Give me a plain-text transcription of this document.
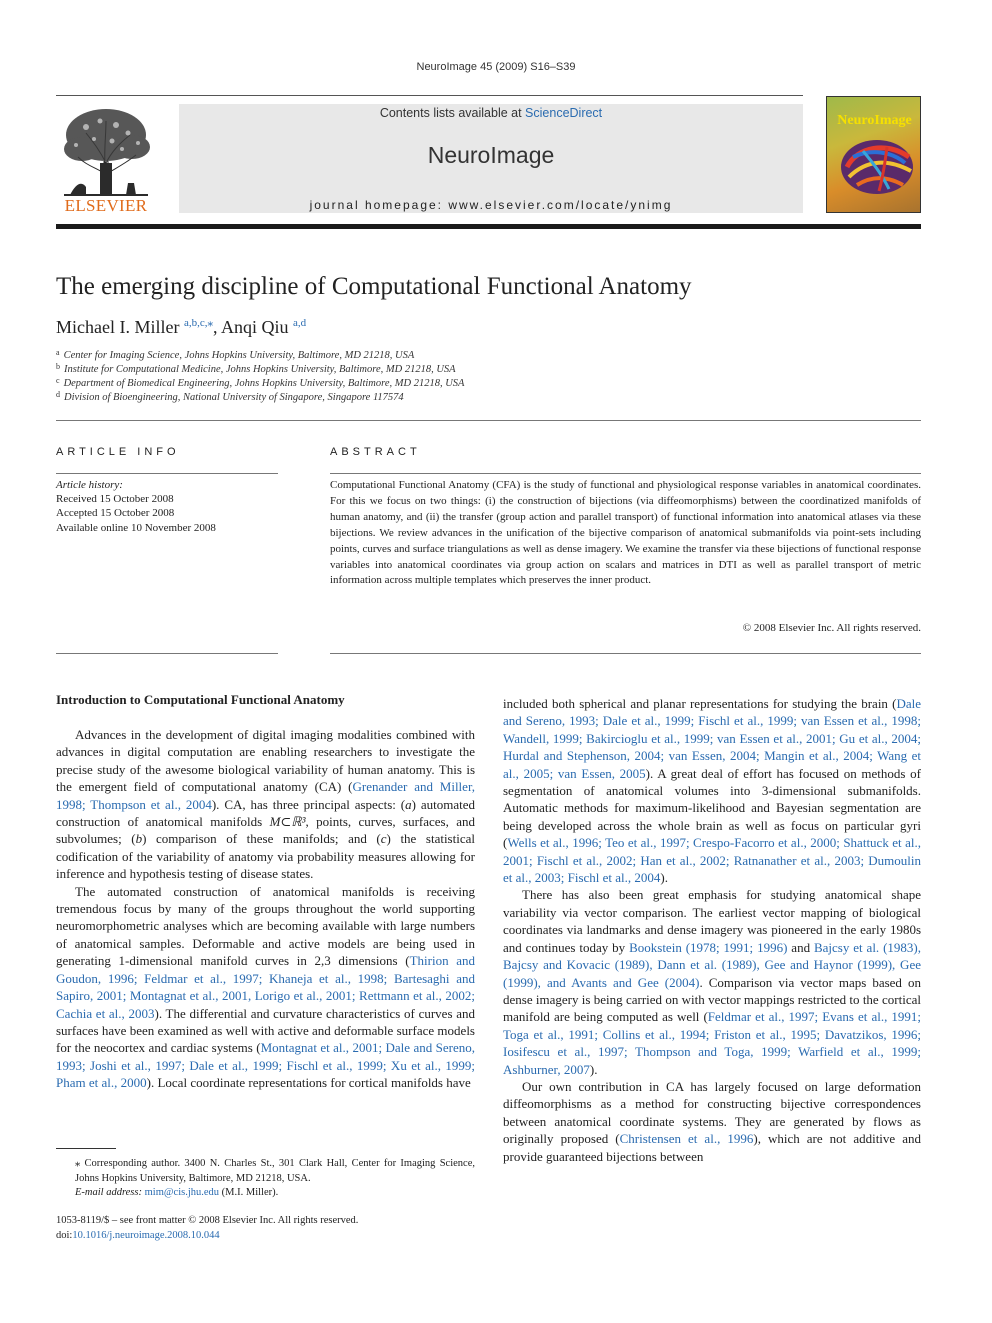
NeuroImage 45 (2009) S16–S39
ELSEVIER
Contents lists available at ScienceDirect
NeuroImage
journal homepage: www.elsevier.com/locate/ynimg
NeuroImage
The emerging discipline of Computational Functional Anatomy
Michael I. Miller $^{a,b,c,⁎}$, Anqi Qiu $^{a,d}$
$^a$ Center for Imaging Science, Johns Hopkins University, Baltimore, MD 21218, USA
$^b$ Institute for Computational Medicine, Johns Hopkins University, Baltimore, MD 21218, USA
$^c$ Department of Biomedical Engineering, Johns Hopkins University, Baltimore, MD 21218, USA
$^d$ Division of Bioengineering, National University of Singapore, Singapore 117574
ARTICLE INFO	ABSTRACT
Article history:
Received 15 October 2008
Accepted 15 October 2008
Available online 10 November 2008
Computational Functional Anatomy (CFA) is the study of functional and physiological response variables in anatomical coordinates. For this we focus on two things: (i) the construction of bijections (via diffeomorphisms) between the coordinatized manifolds of human anatomy, and (ii) the transfer (group action and parallel transport) of functional information into anatomical atlases via these bijections. We review advances in the unification of the bijective comparison of anatomical submanifolds via point-sets including points, curves and surface triangulations as well as dense imagery. We examine the transfer via these bijections of functional response variables into anatomical coordinates via group action on scalars and matrices in DTI as well as parallel transport of metric information across multiple templates which preserves the inner product.
© 2008 Elsevier Inc. All rights reserved.
Introduction to Computational Functional Anatomy

Advances in the development of digital imaging modalities combined with advances in digital computation are enabling researchers to investigate the precise study of the awesome biological variability of human anatomy. This is the emergent field of computational anatomy (CA) (Grenander and Miller, 1998; Thompson et al., 2004). CA, has three principal aspects: (a) automated construction of anatomical manifolds M⊂ℝ³, points, curves, surfaces, and subvolumes; (b) comparison of these manifolds; and (c) the statistical codification of the variability of anatomy via probability measures allowing for inference and hypothesis testing of disease states.

The automated construction of anatomical manifolds is receiving tremendous focus by many of the groups throughout the world supporting neuromorphometric analyses which are becoming available with large numbers of anatomical samples. Deformable and active models are being used in generating 1-dimensional manifold curves in 2,3 dimensions (Thirion and Goudon, 1996; Feldmar et al., 1997; Khaneja et al., 1998; Bartesaghi and Sapiro, 2001; Montagnat et al., 2001, Lorigo et al., 2001; Rettmann et al., 2002; Cachia et al., 2003). The differential and curvature characteristics of curves and surfaces have been examined as well with active and deformable surface models for the neocortex and cardiac systems (Montagnat et al., 2001; Dale and Sereno, 1993; Joshi et al., 1997; Dale et al., 1999; Fischl et al., 1999; Xu et al., 1999; Pham et al., 2000). Local coordinate representations for cortical manifolds have

included both spherical and planar representations for studying the brain (Dale and Sereno, 1993; Dale et al., 1999; Fischl et al., 1999; van Essen et al., 1998; Wandell, 1999; Bakircioglu et al., 1999; van Essen et al., 2001; Gu et al., 2004; Hurdal and Stephenson, 2004; van Essen, 2004; Mangin et al., 2004; Wang et al., 2005; van Essen, 2005). A great deal of effort has focused on methods of segmentation of anatomical volumes into 3-dimensional submanifolds. Automatic methods for maximum-likelihood and Bayesian segmentation are being developed across the whole brain as well as focus on particular gyri (Wells et al., 1996; Teo et al., 1997; Crespo-Facorro et al., 2000; Shattuck et al., 2001; Fischl et al., 2002; Han et al., 2002; Ratnanather et al., 2003; Dumoulin et al., 2003; Fischl et al., 2004).

There has also been great emphasis for studying anatomical shape variability via vector comparison. The earliest vector mapping of biological coordinates via landmarks and dense imagery was pioneered in the early 1980s and continues today by Bookstein (1978; 1991; 1996) and Bajcsy et al. (1983), Bajcsy and Kovacic (1989), Dann et al. (1989), Gee and Haynor (1999), Gee (1999), and Avants and Gee (2004). Comparison via vector maps based on dense imagery is being carried on with vector mappings restricted to the cortical manifold are being computed as well (Feldmar et al., 1997; Evans et al., 1991; Toga et al., 1991; Collins et al., 1994; Friston et al., 1995; Davatzikos, 1996; Iosifescu et al., 1997; Thompson and Toga, 1999; Warfield et al., 1999; Ashburner, 2007).

Our own contribution in CA has largely focused on large deformation diffeomorphisms as a method for constructing bijective correspondences between anatomical coordinate systems. They are generated by flows as originally proposed (Christensen et al., 1996), which are not additive and provide guaranteed bijections between

⁎ Corresponding author. 3400 N. Charles St., 301 Clark Hall, Center for Imaging Science, Johns Hopkins University, Baltimore, MD 21218, USA.
E-mail address: mim@cis.jhu.edu (M.I. Miller).
1053-8119/$ – see front matter © 2008 Elsevier Inc. All rights reserved.
doi:10.1016/j.neuroimage.2008.10.044
